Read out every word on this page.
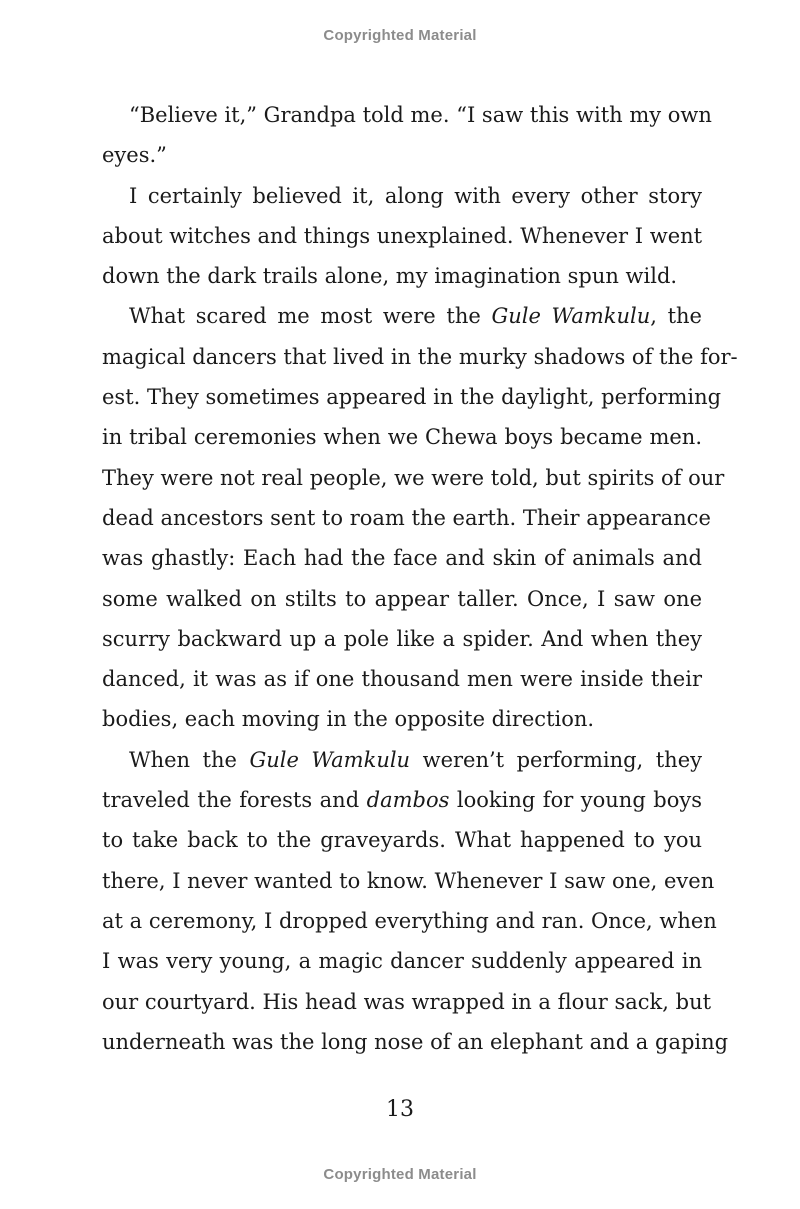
Copyrighted Material
“Believe it,” Grandpa told me. “I saw this with my own
eyes.”
I certainly believed it, along with every other story
about witches and things unexplained. Whenever I went
down the dark trails alone, my imagination spun wild.
What scared me most were the Gule Wamkulu, the
magical dancers that lived in the murky shadows of the for-
est. They sometimes appeared in the daylight, performing
in tribal ceremonies when we Chewa boys became men.
They were not real people, we were told, but spirits of our
dead ancestors sent to roam the earth. Their appearance
was ghastly: Each had the face and skin of animals and
some walked on stilts to appear taller. Once, I saw one
scurry backward up a pole like a spider. And when they
danced, it was as if one thousand men were inside their
bodies, each moving in the opposite direction.
When the Gule Wamkulu weren’t performing, they
traveled the forests and dambos looking for young boys
to take back to the graveyards. What happened to you
there, I never wanted to know. Whenever I saw one, even
at a ceremony, I dropped everything and ran. Once, when
I was very young, a magic dancer suddenly appeared in
our courtyard. His head was wrapped in a flour sack, but
underneath was the long nose of an elephant and a gaping
13
Copyrighted Material
